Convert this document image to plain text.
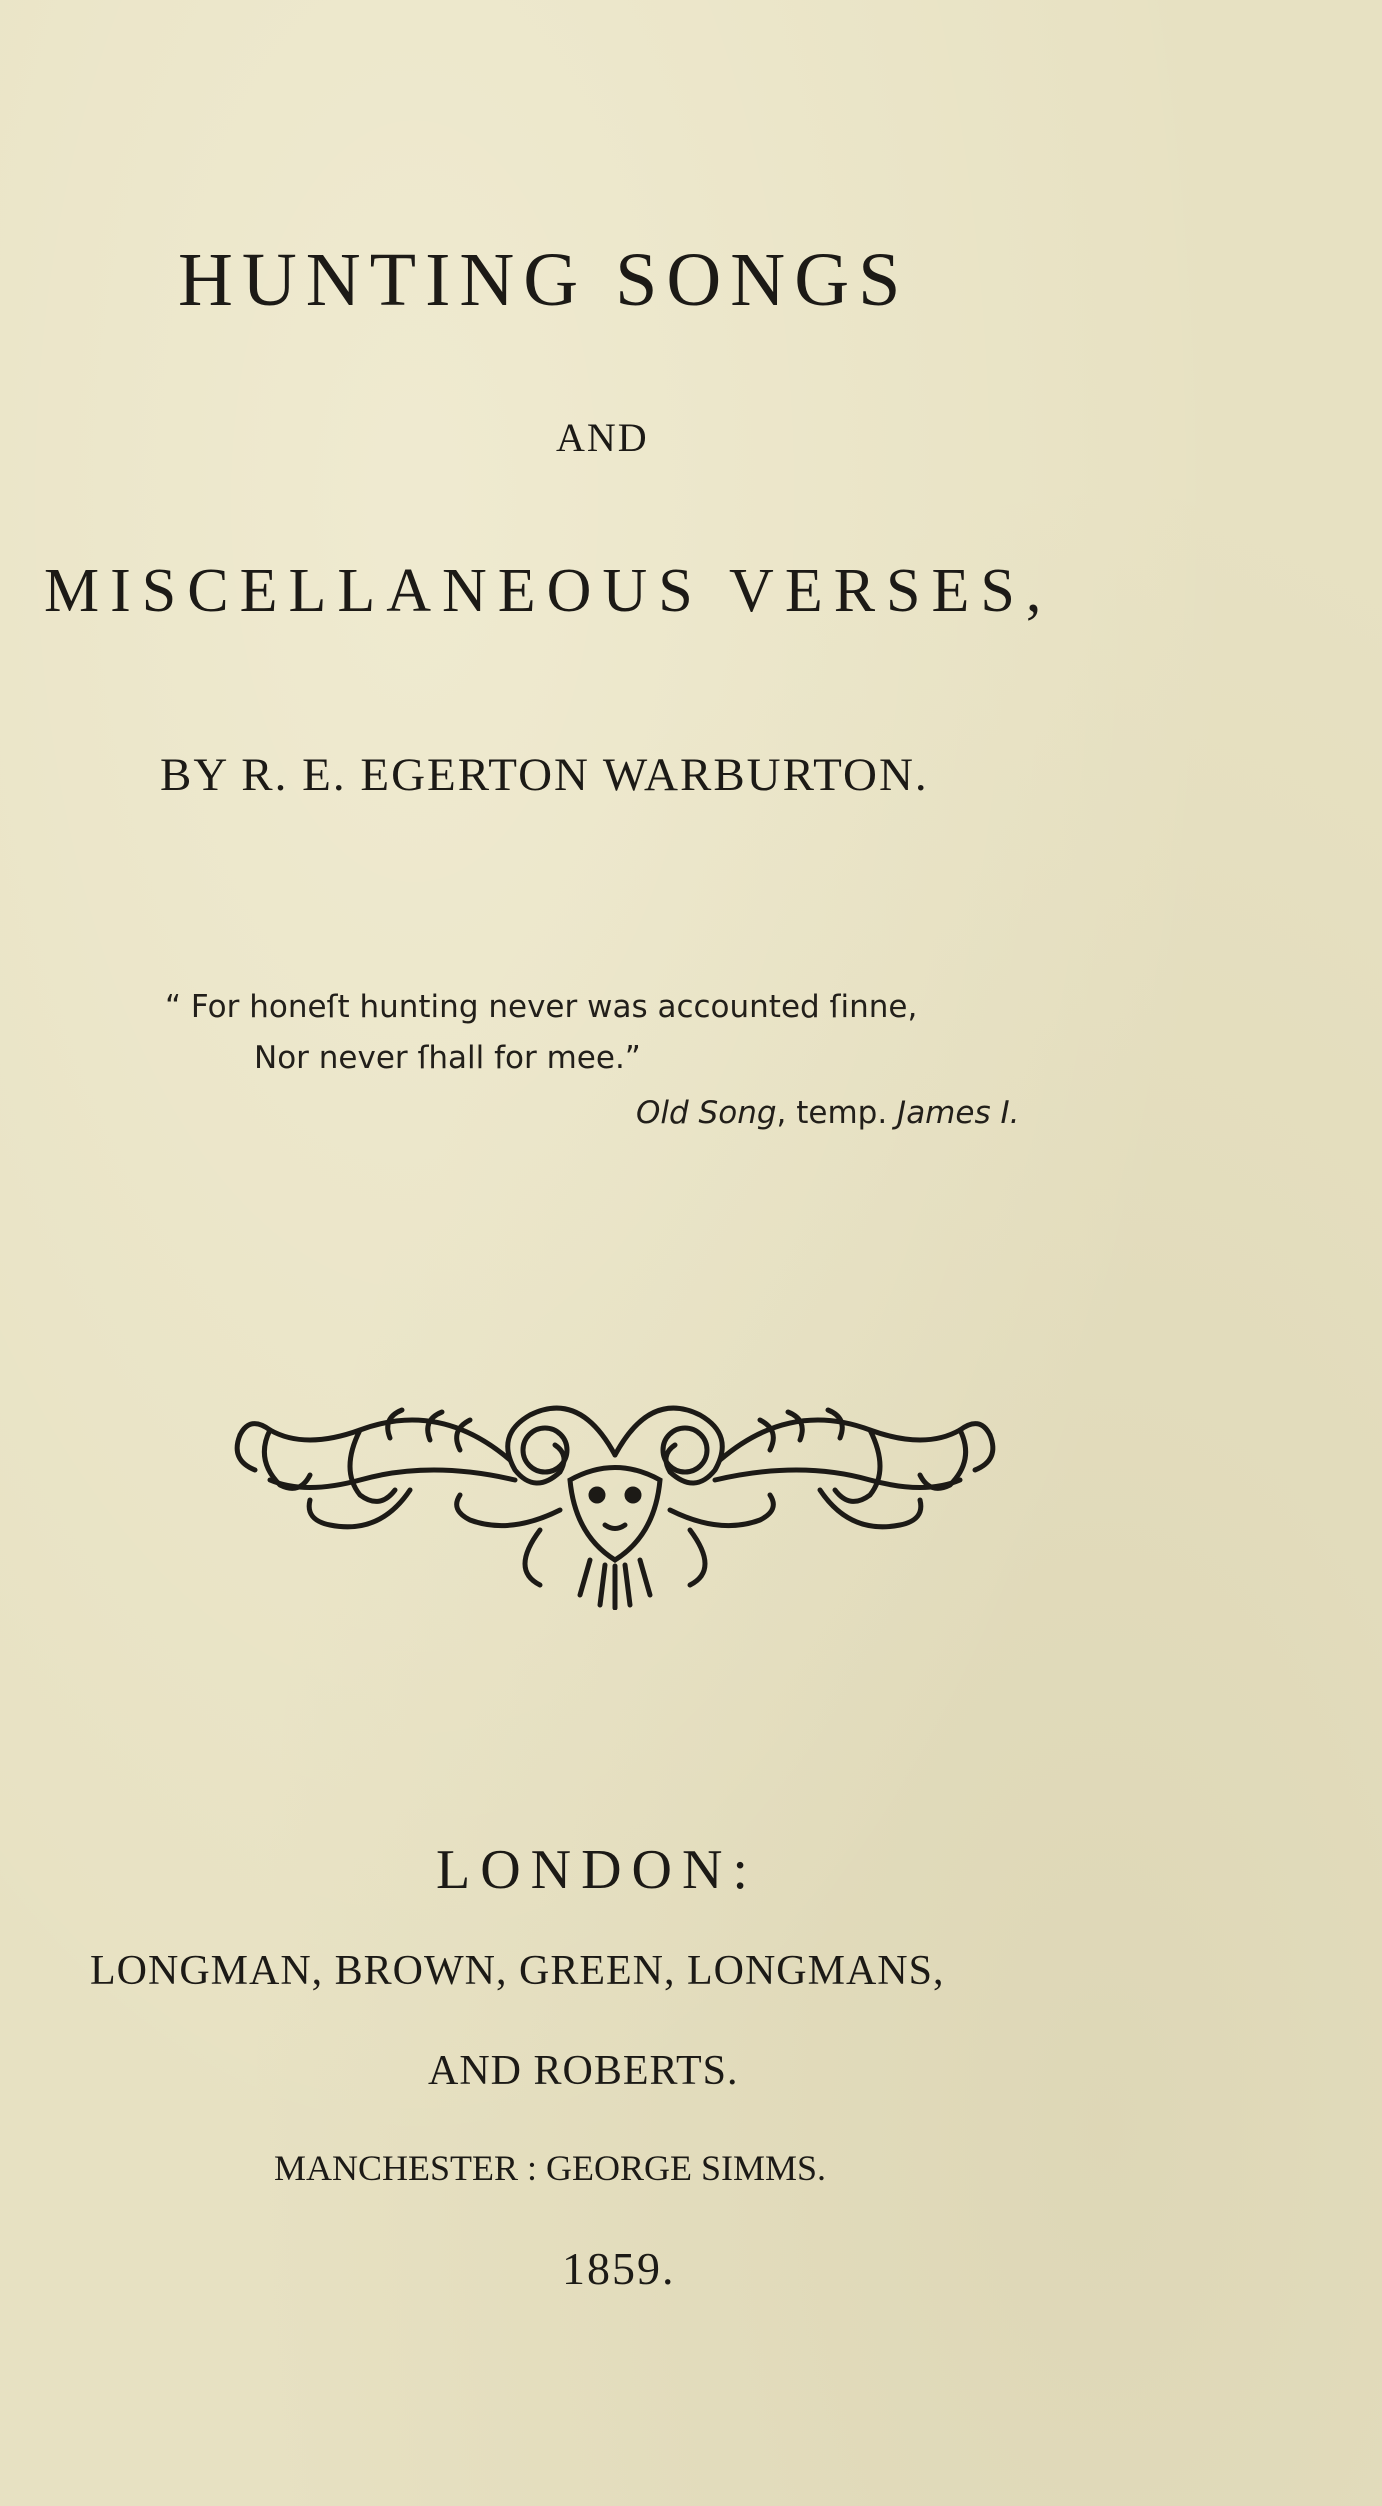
HUNTING SONGS
AND
MISCELLANEOUS VERSES,
BY R. E. EGERTON WARBURTON.
“ For honeſt hunting never was accounted ſinne,
Nor never ſhall for mee.”
Old Song, temp. James I.
LONDON:
LONGMAN, BROWN, GREEN, LONGMANS,
AND ROBERTS.
MANCHESTER : GEORGE SIMMS.
1859.
